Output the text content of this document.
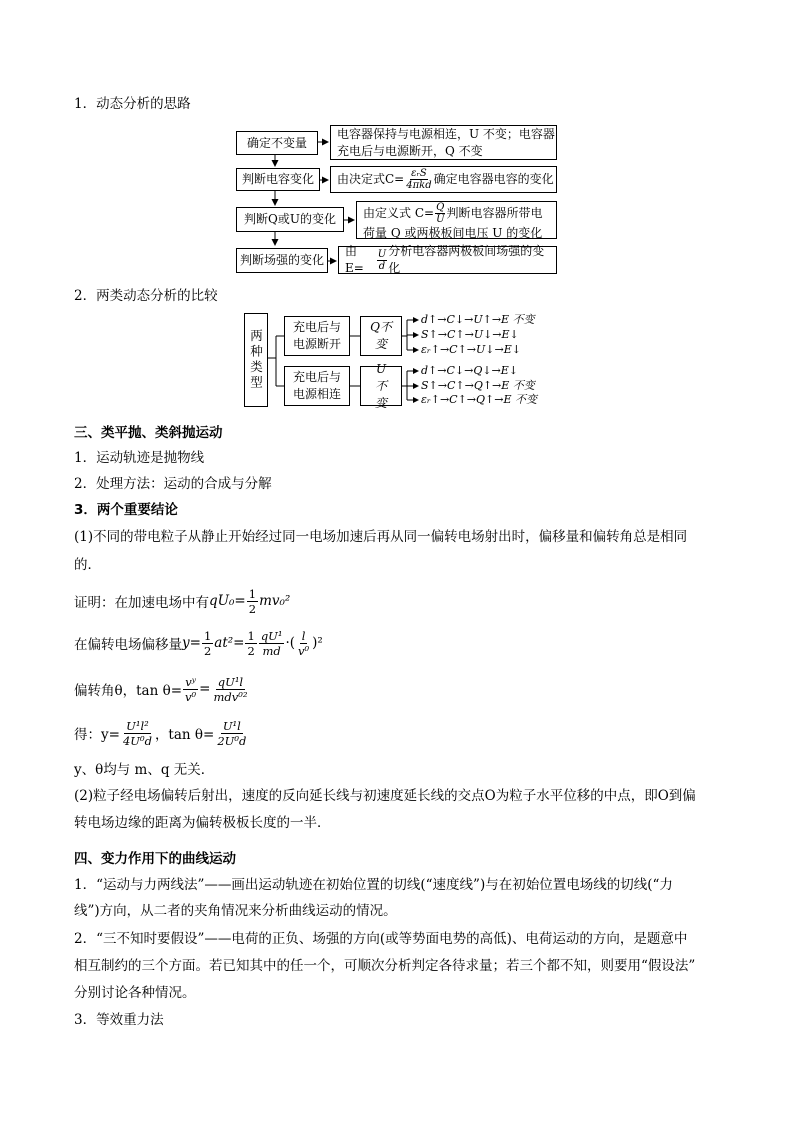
1．动态分析的思路
确定不变量
判断电容变化
判断Q或U的变化
判断场强的变化
电容器保持与电源相连，U 不变；电容器
充电后与电源断开，Q 不变
由决定式$C= \frac{\text{εᵣS}}{\text{4πkd}}$ 确定电容器电容的变化
由定义式 $C= \frac{Q}{U}$ 判断电容器所带电
荷量 Q 或两极板间电压 U 的变化
由E=	$\frac{U}{d}$ 分析电容器两极板间场强的变化
2．两类动态分析的比较
两种类型
充电后与电源断开
充电后与电源相连
Q不变
U不变
d↑→C↓→U↑→E 不变
S↑→C↑→U↓→E↓
εᵣ↑→C↑→U↓→E↓
d↑→C↓→Q↓→E↓
S↑→C↑→Q↑→E 不变
εᵣ↑→C↑→Q↑→E 不变
三、类平抛、类斜抛运动
1．运动轨迹是抛物线
2．处理方法：运动的合成与分解
3．两个重要结论
(1)不同的带电粒子从静止开始经过同一电场加速后再从同一偏转电场射出时，偏移量和偏转角总是相同
的．
证明：在加速电场中有 $qU_0= \frac{1}{2} mv_0^2$
在偏转电场偏移量 $y= \frac{1}{2} at^2= \frac{1}{2} \frac{\text{qU¹}}{md}$ ·( $\frac{l}{\text{v⁰}} )^2$
偏转角θ，$\tan \theta= \frac{\text{vʸ}}{\text{v⁰}} = qU^1l$
mdv⁰²
得：$y= \frac{\text{U¹l²}}{\text{4U⁰d}}$ ，$\tan \theta= \frac{\text{U¹l}}{\text{2U⁰d}}$
y、θ均与 m、q 无关．
(2)粒子经电场偏转后射出，速度的反向延长线与初速度延长线的交点O为粒子水平位移的中点，即O到偏
转电场边缘的距离为偏转极板长度的一半．
四、变力作用下的曲线运动
1．“运动与力两线法”——画出运动轨迹在初始位置的切线(“速度线”)与在初始位置电场线的切线(“力
线”)方向，从二者的夹角情况来分析曲线运动的情况。
2．“三不知时要假设”——电荷的正负、场强的方向(或等势面电势的高低)、电荷运动的方向，是题意中
相互制约的三个方面。若已知其中的任一个，可顺次分析判定各待求量；若三个都不知，则要用“假设法”
分别讨论各种情况。
3．等效重力法
